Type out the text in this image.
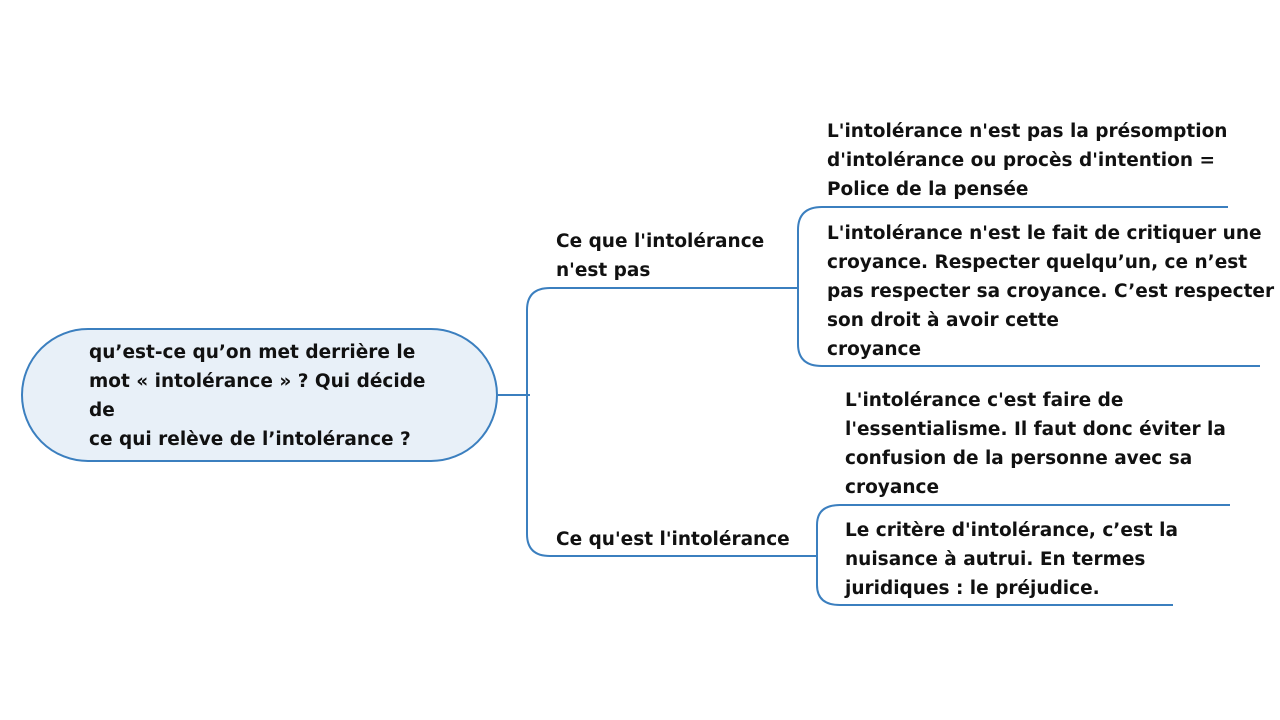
qu’est-ce qu’on met derrière le
mot « intolérance » ? Qui décide
de
ce qui relève de l’intolérance ?

Ce que l'intolérance
n'est pas

Ce qu'est l'intolérance

L'intolérance n'est pas la présomption
d'intolérance ou procès d'intention =
Police de la pensée

L'intolérance n'est le fait de critiquer une
croyance. Respecter quelqu’un, ce n’est
pas respecter sa croyance. C’est respecter
son droit à avoir cette
croyance

L'intolérance c'est faire de
l'essentialisme. Il faut donc éviter la
confusion de la personne avec sa
croyance

Le critère d'intolérance, c’est la
nuisance à autrui. En termes
juridiques : le préjudice.
